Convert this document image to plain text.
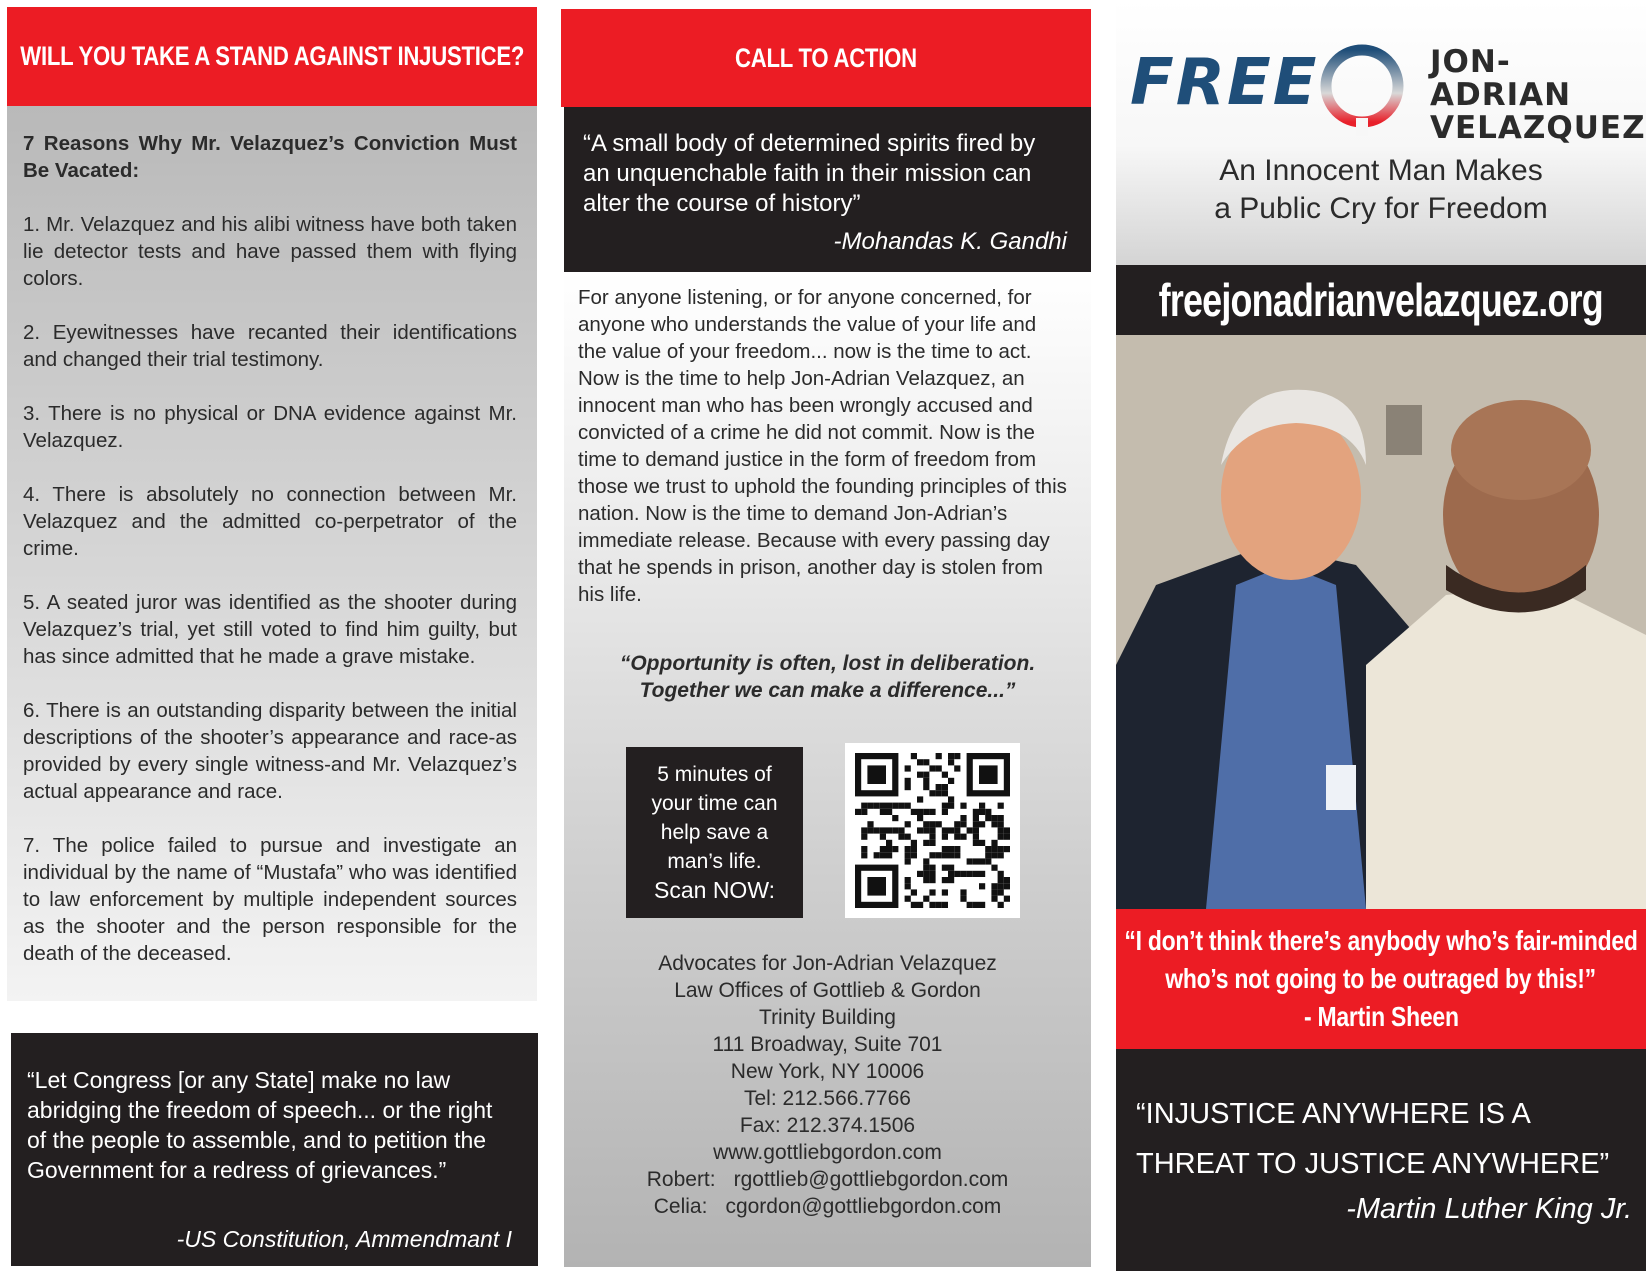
WILL YOU TAKE A STAND AGAINST INJUSTICE?

7 Reasons Why Mr. Velazquez’s Conviction Must Be Vacated:

1. Mr. Velazquez and his alibi witness have both taken lie detector tests and have passed them with flying colors.

2. Eyewitnesses have recanted their identifications and changed their trial testimony.

3. There is no physical or DNA evidence against Mr. Velazquez.

4. There is absolutely no connection between Mr. Velazquez and the admitted co-perpetrator of the crime.

5. A seated juror was identified as the shooter during Velazquez’s trial, yet still voted to find him guilty, but has since admitted that he made a grave mistake.

6. There is an outstanding disparity between the initial descriptions of the shooter’s appearance and race-as provided by every single witness-and Mr. Velazquez’s actual appearance and race.

7. The police failed to pursue and investigate an individual by the name of “Mustafa” who was identified to law enforcement by multiple independent sources as the shooter and the person responsible for the death of the deceased.

“Let Congress [or any State] make no law abridging the freedom of speech... or the right of the people to assemble, and to petition the Government for a redress of grievances.”
-US Constitution, Ammendmant I
CALL TO ACTION
“A small body of determined spirits fired by an unquenchable faith in their mission can alter the course of history”
-Mohandas K. Gandhi
For anyone listening, or for anyone concerned, for anyone who understands the value of your life and the value of your freedom... now is the time to act. Now is the time to help Jon-Adrian Velazquez, an innocent man who has been wrongly accused and convicted of a crime he did not commit. Now is the time to demand justice in the form of freedom from those we trust to uphold the founding principles of this nation. Now is the time to demand Jon-Adrian’s immediate release. Because with every passing day that he spends in prison, another day is stolen from his life.
“Opportunity is often, lost in deliberation.
Together we can make a difference...”
5 minutes of
your time can
help save a
man’s life.
Scan NOW:
Advocates for Jon-Adrian Velazquez
Law Offices of Gottlieb & Gordon
Trinity Building
111 Broadway, Suite 701
New York, NY 10006
Tel: 212.566.7766
Fax: 212.374.1506
www.gottliebgordon.com
Robert: rgottlieb@gottliebgordon.com
Celia: cgordon@gottliebgordon.com
FREE	JON-ADRIAN
VELAZQUEZ
An Innocent Man Makes
a Public Cry for Freedom
freejonadrianvelazquez.org
“I don’t think there’s anybody who’s fair-minded
who’s not going to be outraged by this!”
- Martin Sheen
“INJUSTICE ANYWHERE IS A
THREAT TO JUSTICE ANYWHERE”
-Martin Luther King Jr.
